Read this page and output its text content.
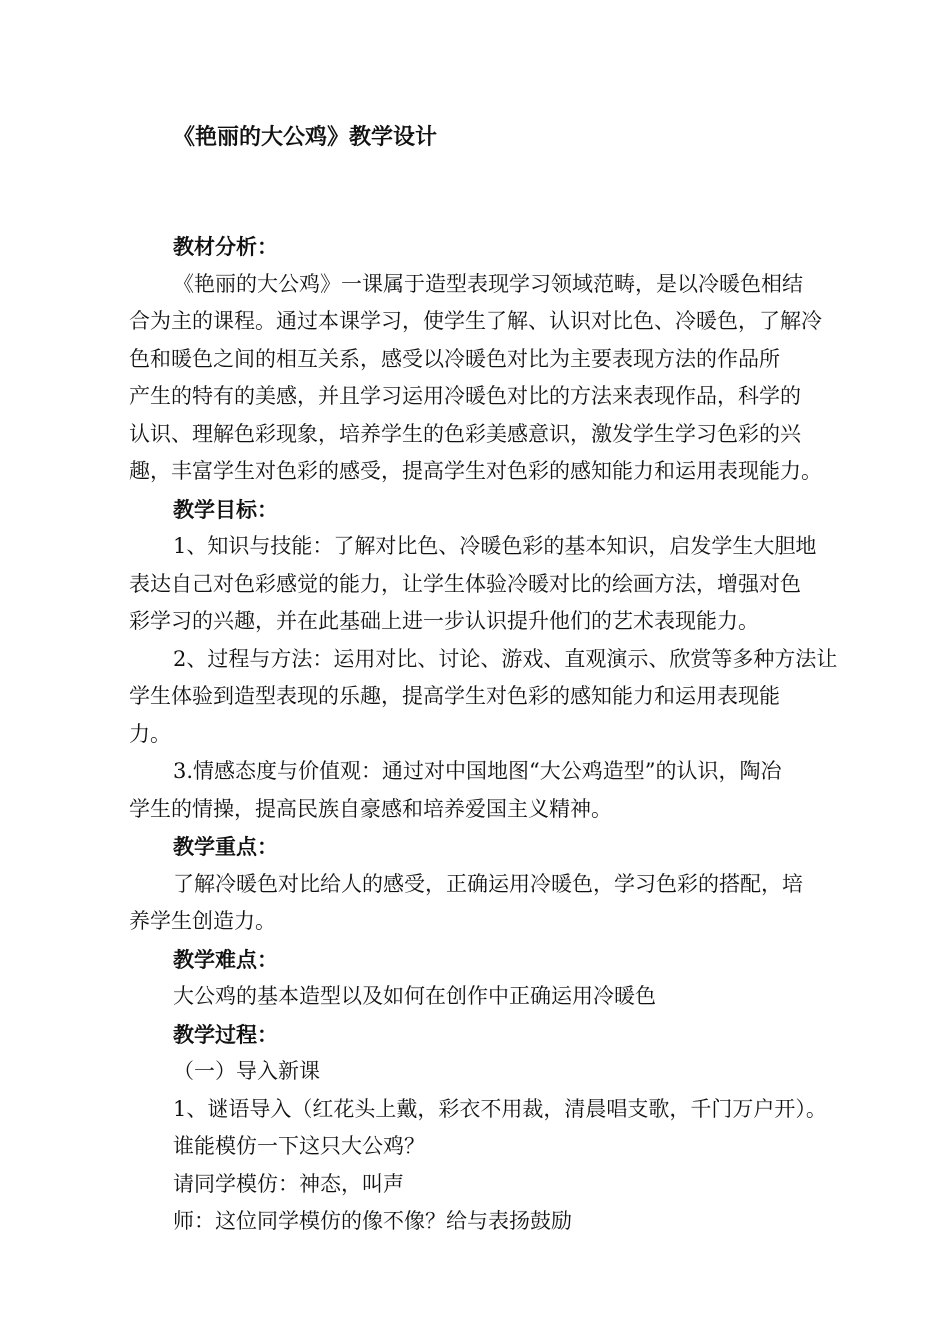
《艳丽的大公鸡》教学设计
教材分析：
《艳丽的大公鸡》一课属于造型表现学习领域范畴，是以冷暖色相结
合为主的课程。通过本课学习，使学生了解、认识对比色、冷暖色，了解冷
色和暖色之间的相互关系，感受以冷暖色对比为主要表现方法的作品所
产生的特有的美感，并且学习运用冷暖色对比的方法来表现作品，科学的
认识、理解色彩现象，培养学生的色彩美感意识，激发学生学习色彩的兴
趣，丰富学生对色彩的感受，提高学生对色彩的感知能力和运用表现能力。
教学目标：
1、知识与技能：了解对比色、冷暖色彩的基本知识，启发学生大胆地
表达自己对色彩感觉的能力，让学生体验冷暖对比的绘画方法，增强对色
彩学习的兴趣，并在此基础上进一步认识提升他们的艺术表现能力。
2、过程与方法：运用对比、讨论、游戏、直观演示、欣赏等多种方法让
学生体验到造型表现的乐趣，提高学生对色彩的感知能力和运用表现能
力。
3.情感态度与价值观：通过对中国地图“大公鸡造型”的认识，陶冶
学生的情操，提高民族自豪感和培养爱国主义精神。
教学重点：
了解冷暖色对比给人的感受，正确运用冷暖色，学习色彩的搭配，培
养学生创造力。
教学难点：
大公鸡的基本造型以及如何在创作中正确运用冷暖色
教学过程：
（一）导入新课
1、谜语导入（红花头上戴，彩衣不用裁，清晨唱支歌，千门万户开）。
谁能模仿一下这只大公鸡？
请同学模仿：神态，叫声
师：这位同学模仿的像不像？给与表扬鼓励
